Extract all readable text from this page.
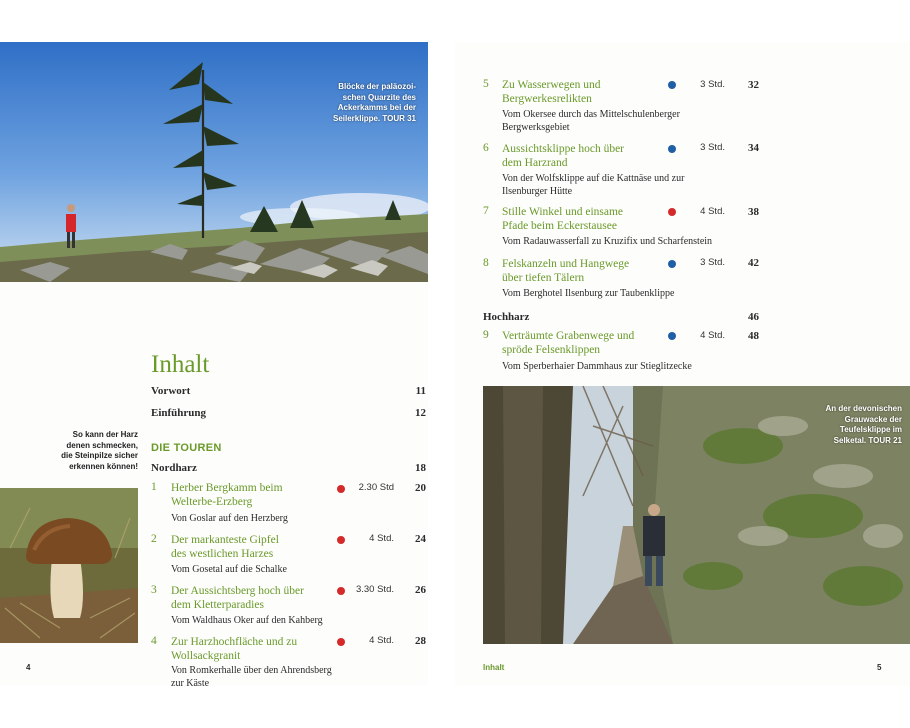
Blöcke der paläozoi-
schen Quarzite des
Ackerkamms bei der
Seilerklippe. TOUR 31
So kann der Harz
denen schmecken,
die Steinpilze sicher
erkennen können!
Inhalt
Vorwort	11
Einführung	12
DIE TOUREN
Nordharz	18
1 Herber Bergkamm beim
Welterbe-Erzberg
2.30 Std	20
Von Goslar auf den Herzberg
2 Der markanteste Gipfel
des westlichen Harzes
4 Std.	24
Vom Gosetal auf die Schalke
3 Der Aussichtsberg hoch über
dem Kletterparadies
3.30 Std.	26
Vom Waldhaus Oker auf den Kahberg
4 Zur Harzhochfläche und zu
Wollsackgranit
4 Std.	28
Von Romkerhalle über den Ahrendsberg
zur Käste
4
5 Zu Wasserwegen und
Bergwerkesrelikten
3 Std.	32
Vom Okersee durch das Mittelschulenberger
Bergwerksgebiet
6 Aussichtsklippe hoch über
dem Harzrand
3 Std.	34
Von der Wolfsklippe auf die Kattnäse und zur
Ilsenburger Hütte
7 Stille Winkel und einsame
Pfade beim Eckerstausee
4 Std.	38
Vom Radauwasserfall zu Kruzifix und Scharfenstein
8 Felskanzeln und Hangwege
über tiefen Tälern
3 Std.	42
Vom Berghotel Ilsenburg zur Taubenklippe
Hochharz	46
9 Verträumte Grabenwege und
spröde Felsenklippen
4 Std.	48
Vom Sperberhaier Dammhaus zur Stieglitzecke
An der devonischen
Grauwacke der
Teufelsklippe im
Selketal. TOUR 21
Inhalt	5
